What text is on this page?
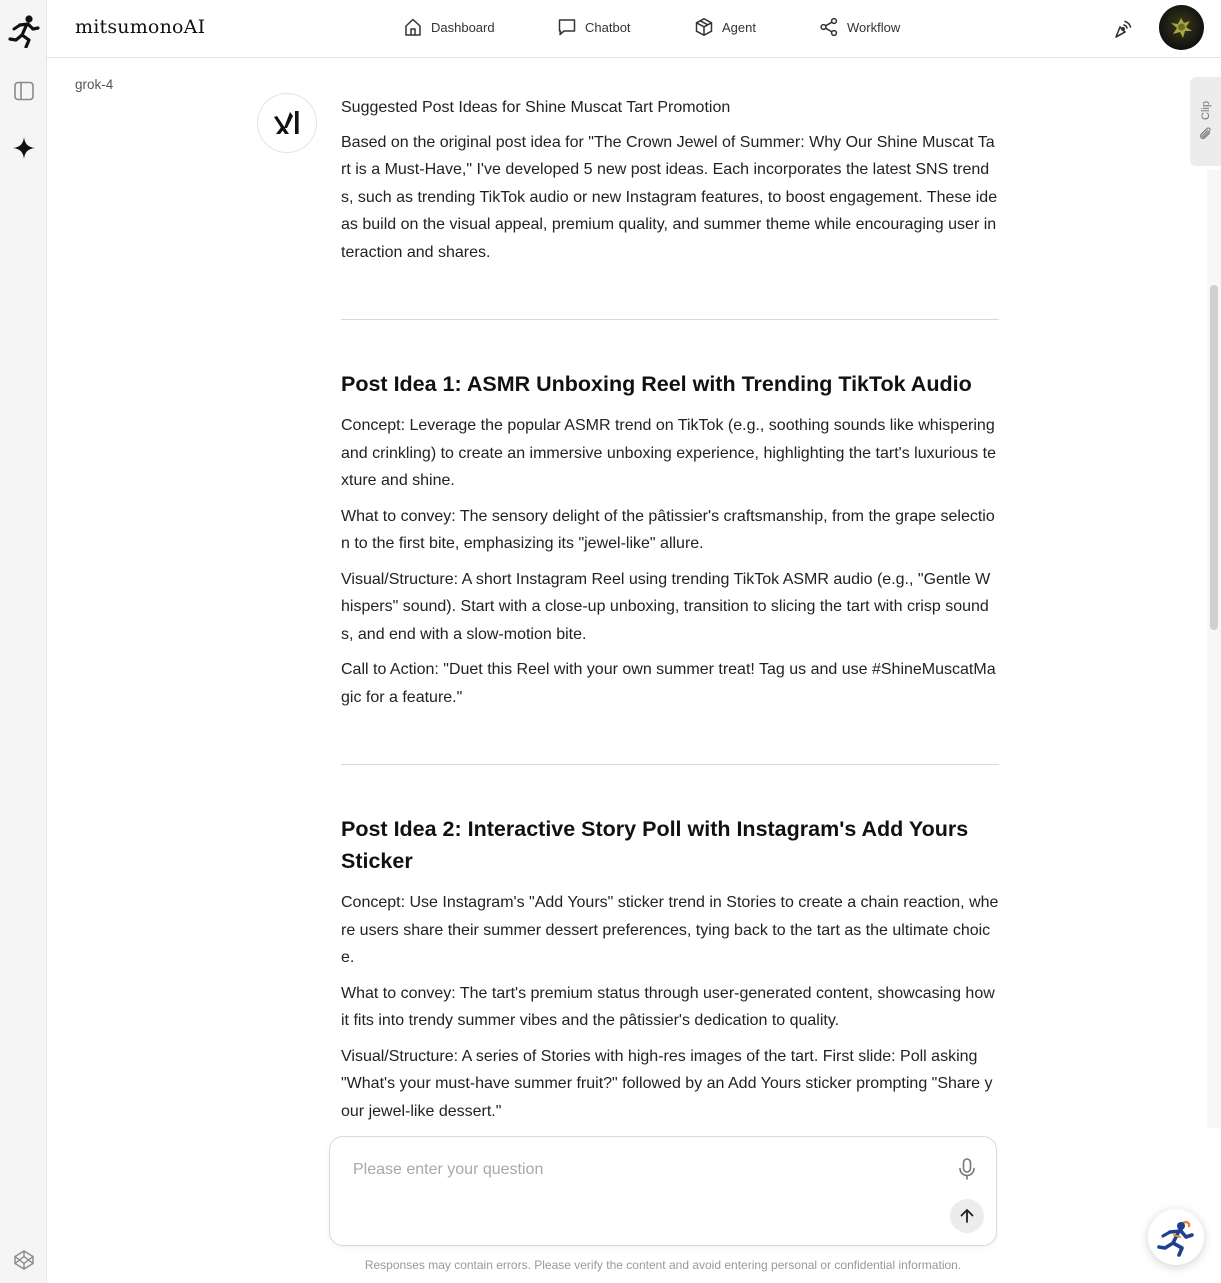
mitsumonoAI	Dashboard	Chatbot	Agent	Workflow
grok-4
Suggested Post Ideas for Shine Muscat Tart Promotion
Based on the original post idea for "The Crown Jewel of Summer: Why Our Shine Muscat Tart is a Must-Have," I've developed 5 new post ideas. Each incorporates the latest SNS trends, such as trending TikTok audio or new Instagram features, to boost engagement. These ideas build on the visual appeal, premium quality, and summer theme while encouraging user interaction and shares.
Post Idea 1: ASMR Unboxing Reel with Trending TikTok Audio
Concept: Leverage the popular ASMR trend on TikTok (e.g., soothing sounds like whispering and crinkling) to create an immersive unboxing experience, highlighting the tart's luxurious texture and shine.
What to convey: The sensory delight of the pâtissier's craftsmanship, from the grape selection to the first bite, emphasizing its "jewel-like" allure.
Visual/Structure: A short Instagram Reel using trending TikTok ASMR audio (e.g., "Gentle Whispers" sound). Start with a close-up unboxing, transition to slicing the tart with crisp sounds, and end with a slow-motion bite.
Call to Action: "Duet this Reel with your own summer treat! Tag us and use #ShineMuscatMagic for a feature."
Post Idea 2: Interactive Story Poll with Instagram's Add Yours Sticker
Concept: Use Instagram's "Add Yours" sticker trend in Stories to create a chain reaction, where users share their summer dessert preferences, tying back to the tart as the ultimate choice.
What to convey: The tart's premium status through user-generated content, showcasing how it fits into trendy summer vibes and the pâtissier's dedication to quality.
Visual/Structure: A series of Stories with high-res images of the tart. First slide: Poll asking "What's your must-have summer fruit?" followed by an Add Yours sticker prompting "Share your jewel-like dessert."
Clip
Please enter your question
Responses may contain errors. Please verify the content and avoid entering personal or confidential information.
